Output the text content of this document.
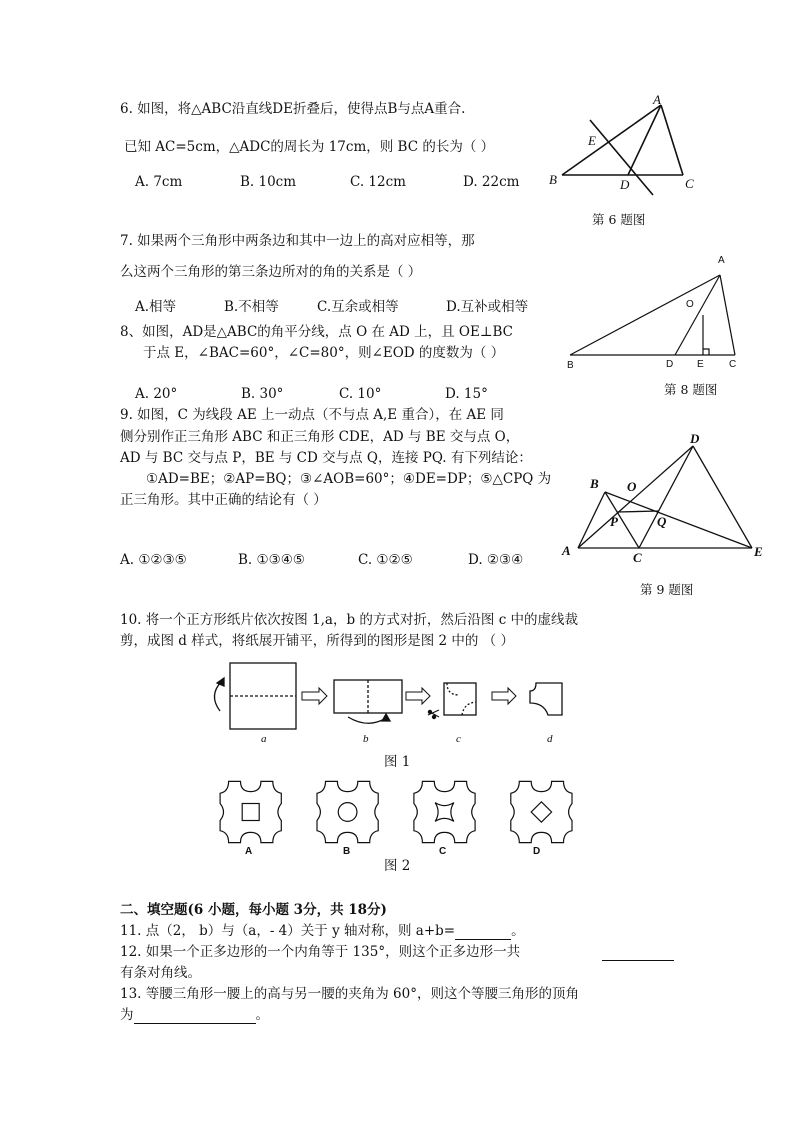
6. 如图，将△ABC沿直线DE折叠后，使得点B与点A重合.
已知 AC=5cm，△ADC的周长为 17cm，则 BC 的长为（ ）
A. 7cm	B. 10cm	C. 12cm	D. 22cm
A
E
B	D	C
第 6 题图
7. 如果两个三角形中两条边和其中一边上的高对应相等，那
么这两个三角形的第三条边所对的角的关系是（ ）
A.相等	B.不相等	C.互余或相等	D.互补或相等
8、如图，AD是△ABC的角平分线，点 O 在 AD 上，且 OE⊥BC
于点 E，∠BAC=60°，∠C=80°，则∠EOD 的度数为（ ）
A. 20°	B. 30°	C. 10°	D. 15°
A
O
B	D E	C
第 8 题图
9. 如图，C 为线段 AE 上一动点（不与点 A,E 重合），在 AE 同
侧分别作正三角形 ABC 和正三角形 CDE，AD 与 BE 交与点 O，
AD 与 BC 交与点 P，BE 与 CD 交与点 Q，连接 PQ. 有下列结论：
①AD=BE；②AP=BQ；③∠AOB=60°；④DE=DP；⑤△CPQ 为
正三角形。其中正确的结论有（ ）
A. ①②③⑤	B. ①③④⑤	C. ①②⑤	D. ②③④
D
B O
P	Q
A	C	E
第 9 题图
10. 将一个正方形纸片依次按图 1,a，b 的方式对折，然后沿图 c 中的虚线裁
剪，成图 d 样式，将纸展开铺平，所得到的图形是图 2 中的 （ ）
a	b	c	d
图 1
A	B	C	D
图 2
二、填空题(6 小题，每小题 3分，共 18分)
11. 点（2， b）与（a，- 4）关于 y 轴对称，则 a+b=	。
12. 如果一个正多边形的一个内角等于 135°，则这个正多边形一共

有条对角线。
13. 等腰三角形一腰上的高与另一腰的夹角为 60°，则这个等腰三角形的顶角
为	。
